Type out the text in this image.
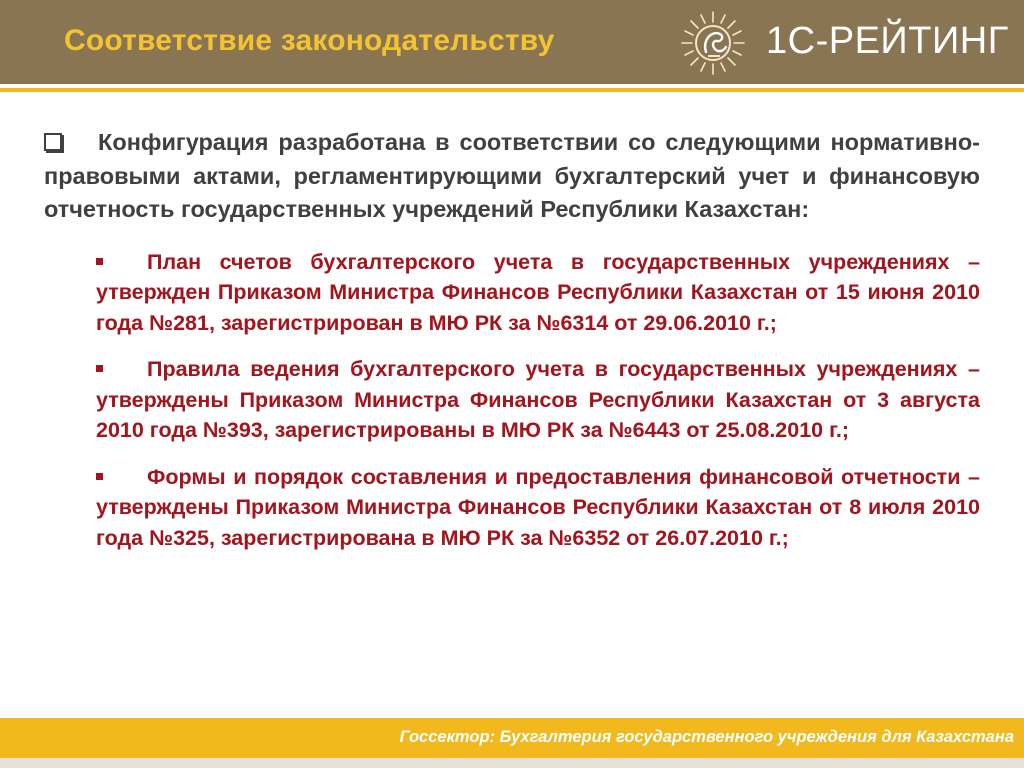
Соответствие законодательству	1С-РЕЙТИНГ
Конфигурация разработана в соответствии со следующими нормативно-правовыми актами, регламентирующими бухгалтерский учет и финансовую отчетность государственных учреждений Республики Казахстан:
План счетов бухгалтерского учета в государственных учреждениях – утвержден Приказом Министра Финансов Республики Казахстан от 15 июня 2010 года №281, зарегистрирован в МЮ РК за №6314 от 29.06.2010 г.;
Правила ведения бухгалтерского учета в государственных учреждениях – утверждены Приказом Министра Финансов Республики Казахстан от 3 августа 2010 года №393, зарегистрированы в МЮ РК за №6443 от 25.08.2010 г.;
Формы и порядок составления и предоставления финансовой отчетности – утверждены Приказом Министра Финансов Республики Казахстан от 8 июля 2010 года №325, зарегистрирована в МЮ РК за №6352 от 26.07.2010 г.;
Госсектор: Бухгалтерия государственного учреждения для Казахстана
